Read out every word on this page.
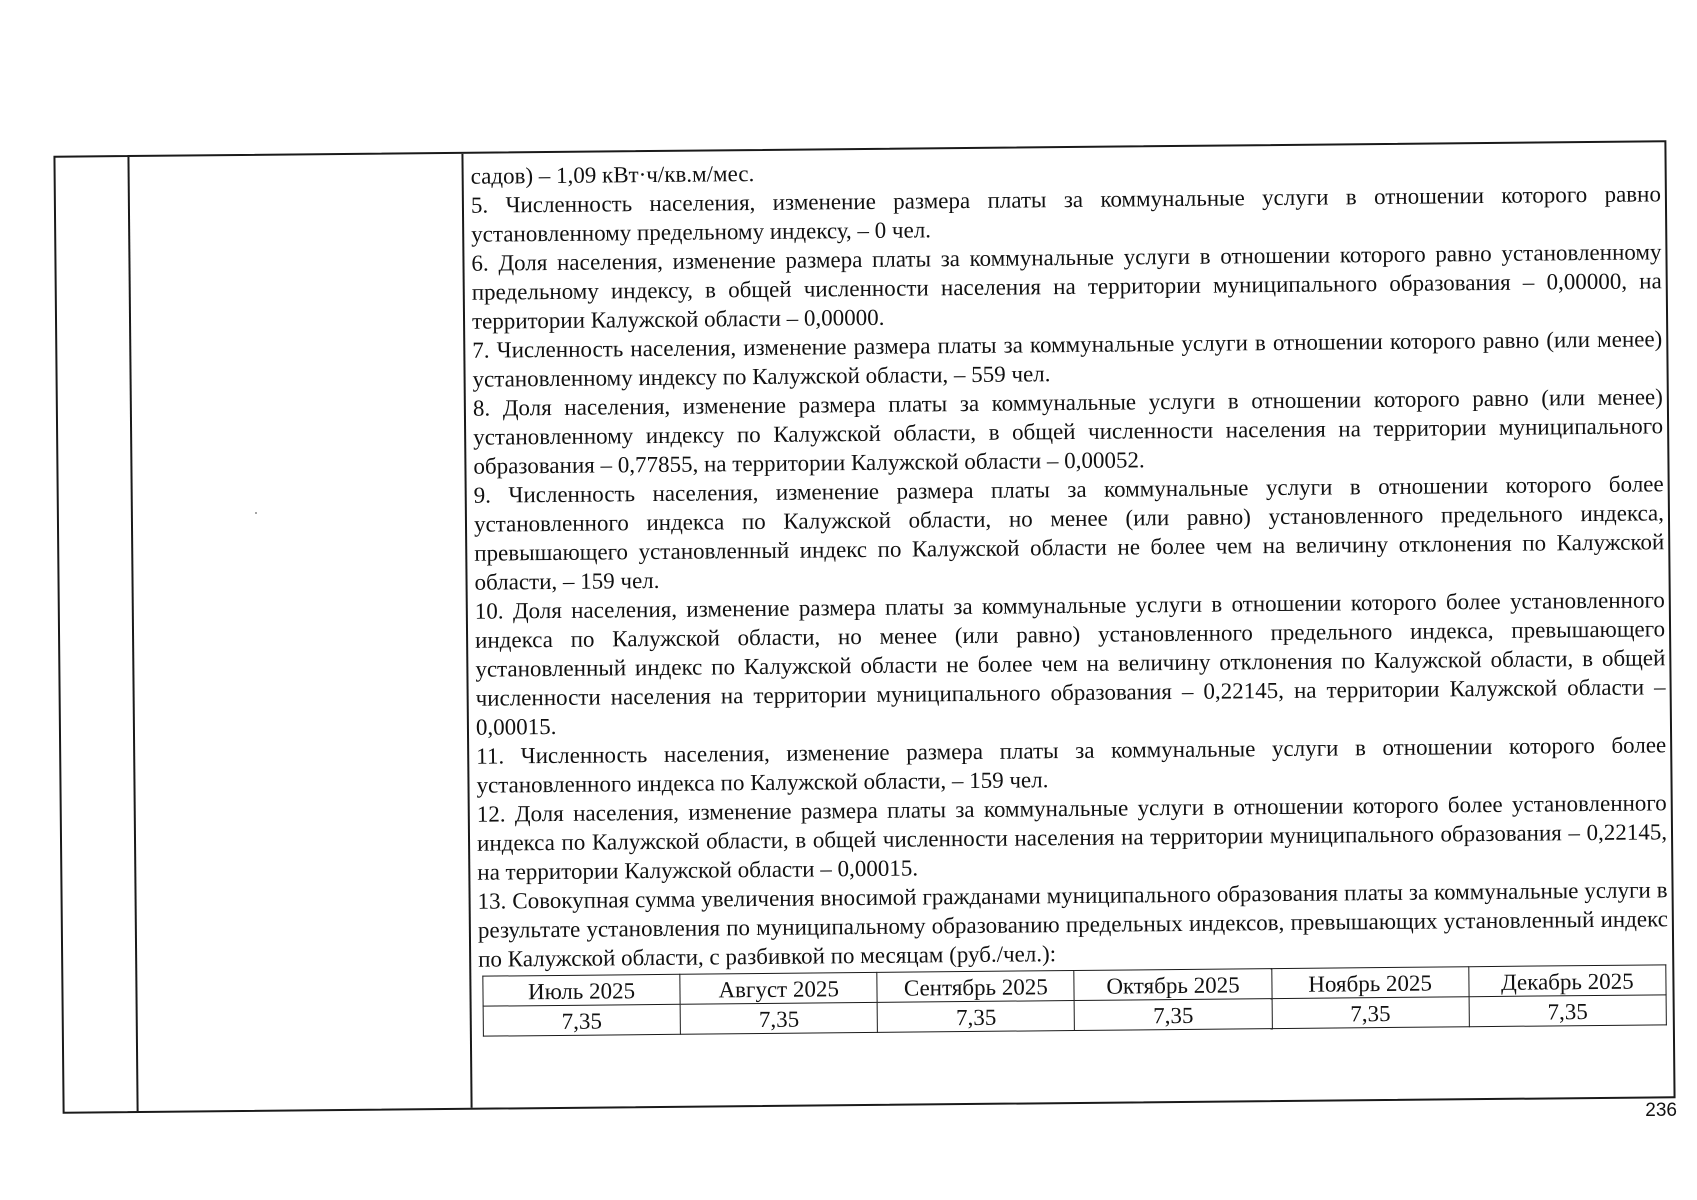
садов) – 1,09 кВт·ч/кв.м/мес.

5. Численность населения, изменение размера платы за коммунальные услуги в отношении которого равно установленному предельному индексу, – 0 чел.

6. Доля населения, изменение размера платы за коммунальные услуги в отношении которого равно установленному предельному индексу, в общей численности населения на территории муниципального образования – 0,00000, на территории Калужской области – 0,00000.

7. Численность населения, изменение размера платы за коммунальные услуги в отношении которого равно (или менее) установленному индексу по Калужской области, – 559 чел.

8. Доля населения, изменение размера платы за коммунальные услуги в отношении которого равно (или менее) установленному индексу по Калужской области, в общей численности населения на территории муниципального образования – 0,77855, на территории Калужской области – 0,00052.

9. Численность населения, изменение размера платы за коммунальные услуги в отношении которого более установленного индекса по Калужской области, но менее (или равно) установленного предельного индекса, превышающего установленный индекс по Калужской области не более чем на величину отклонения по Калужской области, – 159 чел.

10. Доля населения, изменение размера платы за коммунальные услуги в отношении которого более установленного индекса по Калужской области, но менее (или равно) установленного предельного индекса, превышающего установленный индекс по Калужской области не более чем на величину отклонения по Калужской области, в общей численности населения на территории муниципального образования – 0,22145, на территории Калужской области – 0,00015.

11. Численность населения, изменение размера платы за коммунальные услуги в отношении которого более установленного индекса по Калужской области, – 159 чел.

12. Доля населения, изменение размера платы за коммунальные услуги в отношении которого более установленного индекса по Калужской области, в общей численности населения на территории муниципального образования – 0,22145, на территории Калужской области – 0,00015.

13. Совокупная сумма увеличения вносимой гражданами муниципального образования платы за коммунальные услуги в результате установления по муниципальному образованию предельных индексов, превышающих установленный индекс по Калужской области, с разбивкой по месяцам (руб./чел.):

Июль 2025	Август 2025	Сентябрь 2025	Октябрь 2025	Ноябрь 2025	Декабрь 2025
7,35	7,35	7,35	7,35	7,35	7,35
236
